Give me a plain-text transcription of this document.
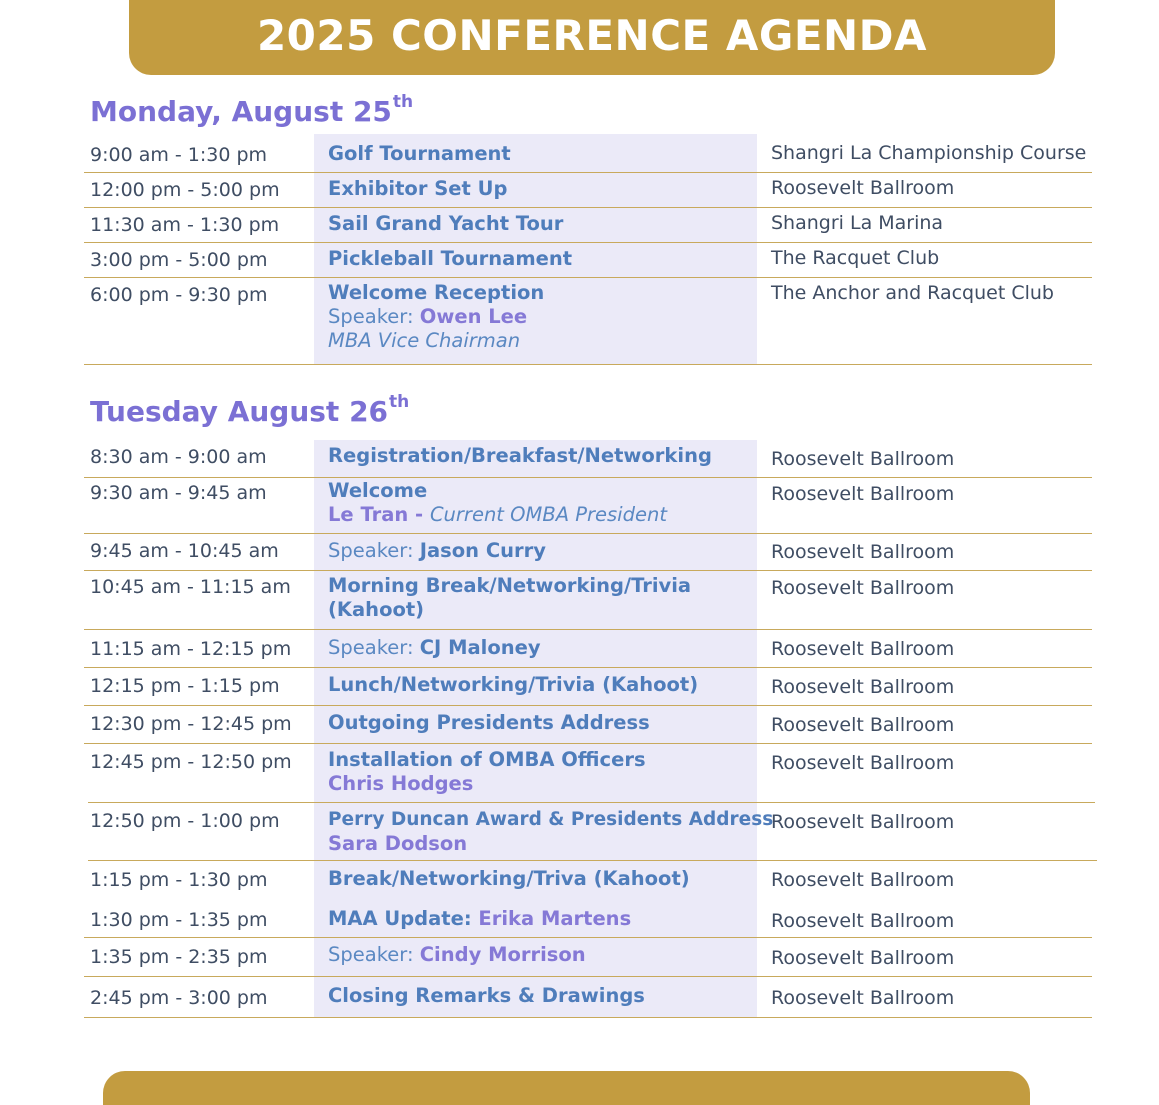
2025 CONFERENCE AGENDA
Monday, August 25th
9:00 am - 1:30 pm	Golf Tournament	Shangri La Championship Course
12:00 pm - 5:00 pm Exhibitor Set Up	Roosevelt Ballroom
11:30 am - 1:30 pm	Sail Grand Yacht Tour	Shangri La Marina
3:00 pm - 5:00 pm	Pickleball Tournament	The Racquet Club
6:00 pm - 9:30 pm	Welcome Reception
Speaker: Owen Lee
MBA Vice Chairman
The Anchor and Racquet Club
Tuesday August 26th
8:30 am - 9:00 am	Registration/Breakfast/Networking	Roosevelt Ballroom
9:30 am - 9:45 am	Welcome
Le Tran - Current OMBA President
Roosevelt Ballroom
9:45 am - 10:45 am	Speaker: Jason Curry	Roosevelt Ballroom
10:45 am - 11:15 am Morning Break/Networking/Trivia
(Kahoot)
Roosevelt Ballroom
11:15 am - 12:15 pm Speaker: CJ Maloney	Roosevelt Ballroom
12:15 pm - 1:15 pm Lunch/Networking/Trivia (Kahoot)	Roosevelt Ballroom
12:30 pm - 12:45 pm Outgoing Presidents Address	Roosevelt Ballroom
12:45 pm - 12:50 pm Installation of OMBA Officers
Chris Hodges
Roosevelt Ballroom
12:50 pm - 1:00 pm	Perry Duncan Award & Presidents Address
Sara Dodson
Roosevelt Ballroom
1:15 pm - 1:30 pm	Break/Networking/Triva (Kahoot)	Roosevelt Ballroom
1:30 pm - 1:35 pm	MAA Update: Erika Martens	Roosevelt Ballroom
1:35 pm - 2:35 pm	Speaker: Cindy Morrison	Roosevelt Ballroom
2:45 pm - 3:00 pm	Closing Remarks & Drawings	Roosevelt Ballroom
